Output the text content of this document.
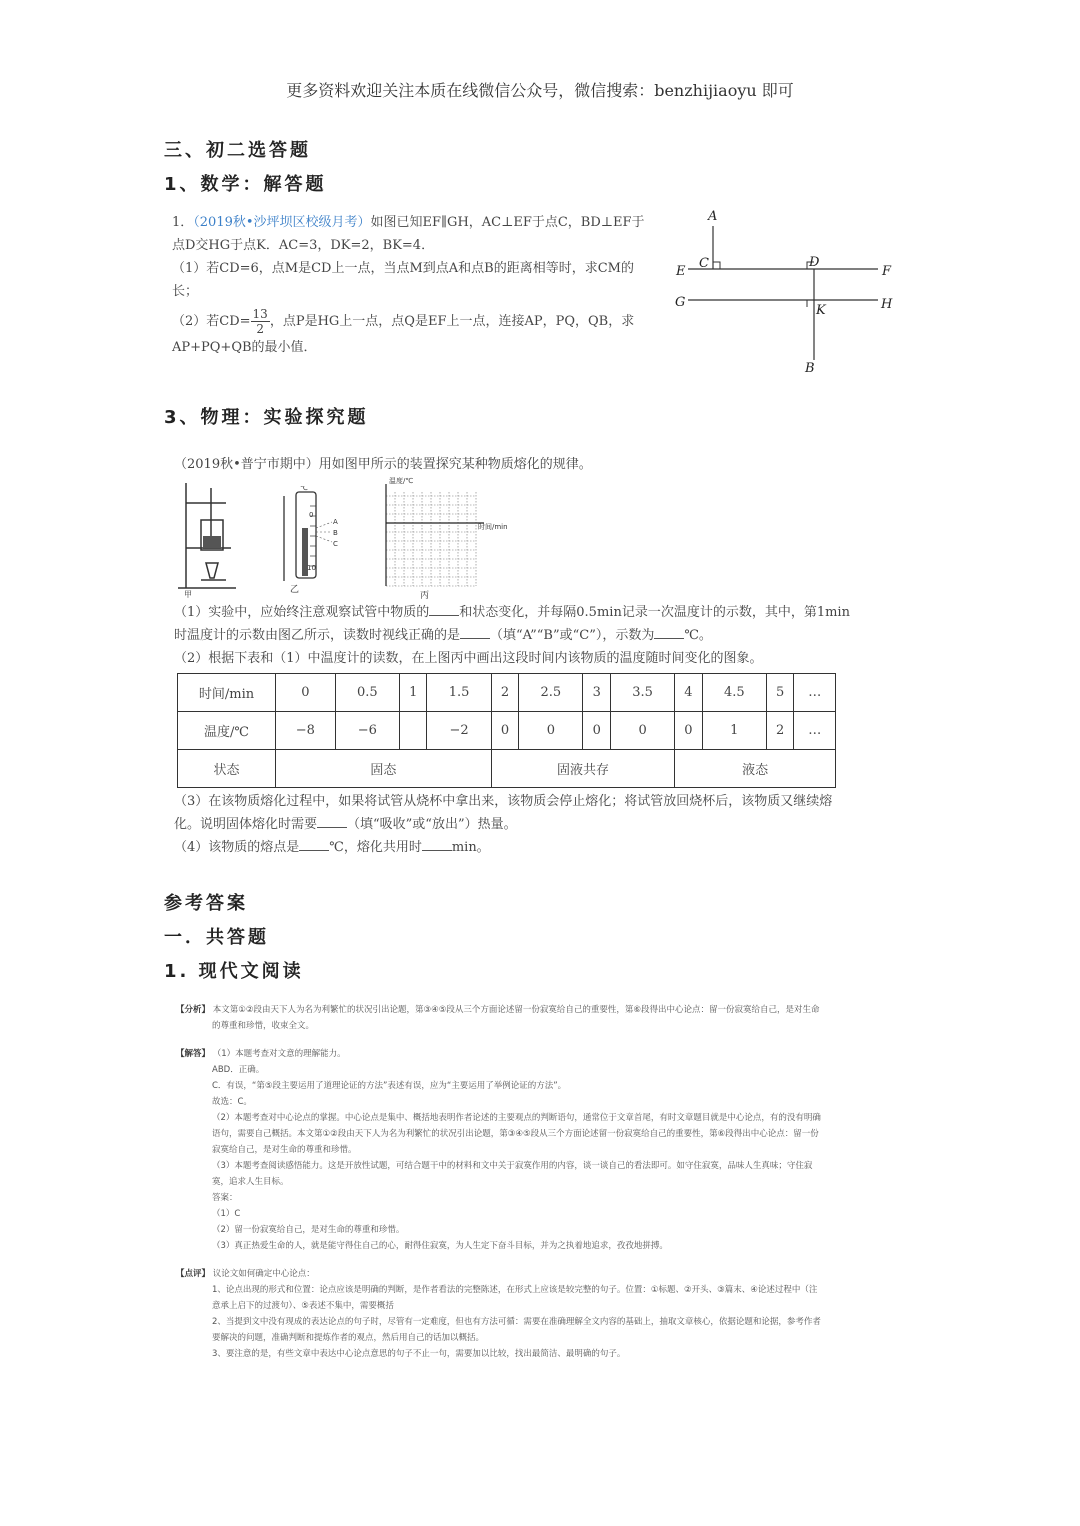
更多资料欢迎关注本质在线微信公众号，微信搜索：benzhijiaoyu 即可
三、初二选答题
1、数学：解答题
1．（2019秋•沙坪坝区校级月考）如图已知EF∥GH，AC⊥EF于点C，BD⊥EF于
点D交HG于点K．AC=3，DK=2，BK=4．
（1）若CD=6，点M是CD上一点，当点M到点A和点B的距离相等时，求CM的
长；
（2）若$CD= \frac{13}{2}$，点P是HG上一点，点Q是EF上一点，连接AP，PQ，QB，求
AP+PQ+QB的最小值．
A
C	D
E	F
G	H
K
B
3、物理：实验探究题
（2019秋•普宁市期中）用如图甲所示的装置探究某种物质熔化的规律。
甲
℃
0
10
A
B
C
乙
温度/℃
时间/min
丙
（1）实验中，应始终注意观察试管中物质的 和状态变化，并每隔0.5min记录一次温度计的示数，其中，第1min
时温度计的示数由图乙所示，读数时视线正确的是 （填“A”“B”或“C”），示数为 ℃。
（2）根据下表和（1）中温度计的读数，在上图丙中画出这段时间内该物质的温度随时间变化的图象。
时间/min	0	0.5	1	1.5	2	2.5	3	3.5	4	4.5	5	…
温度/℃	−8	−6		−2	0	0	0	0	0	1	2	…
状态	固态				固液共存				液态			
（3）在该物质熔化过程中，如果将试管从烧杯中拿出来，该物质会停止熔化；将试管放回烧杯后，该物质又继续熔
化。说明固体熔化时需要 （填“吸收”或“放出”）热量。
（4）该物质的熔点是 ℃，熔化共用时 min。
参考答案
一．共答题
1. 现代文阅读

【分析】 本文第①②段由天下人为名为利繁忙的状况引出论题，第③④⑤段从三个方面论述留一份寂寞给自己的重要性，第⑥段得出中心论点：留一份寂寞给自己，是对生命

的尊重和珍惜，收束全文。

【解答】 （1）本题考查对文意的理解能力。

ABD．正确。

C．有误，“第⑤段主要运用了道理论证的方法”表述有误，应为“主要运用了举例论证的方法”。

故选：C。

（2）本题考查对中心论点的掌握。中心论点是集中、概括地表明作者论述的主要观点的判断语句，通常位于文章首尾，有时文章题目就是中心论点，有的没有明确

语句，需要自己概括。本文第①②段由天下人为名为利繁忙的状况引出论题，第③④⑤段从三个方面论述留一份寂寞给自己的重要性，第⑥段得出中心论点：留一份

寂寞给自己，是对生命的尊重和珍惜。

（3）本题考查阅读感悟能力。这是开放性试题，可结合题干中的材料和文中关于寂寞作用的内容，谈一谈自己的看法即可。如守住寂寞，品味人生真味；守住寂

寞，追求人生目标。

答案：

（1）C

（2）留一份寂寞给自己，是对生命的尊重和珍惜。

（3）真正热爱生命的人，就是能守得住自己的心，耐得住寂寞，为人生定下奋斗目标，并为之执着地追求，孜孜地拼搏。

【点评】 议论文如何确定中心论点：

1、论点出现的形式和位置：论点应该是明确的判断，是作者看法的完整陈述，在形式上应该是较完整的句子。位置：①标题、②开头、③篇末、④论述过程中（注

意承上启下的过渡句）、⑤表述不集中，需要概括

2、当提到文中没有现成的表达论点的句子时，尽管有一定难度，但也有方法可循：需要在准确理解全文内容的基础上，抽取文章核心，依据论题和论据，参考作者

要解决的问题，准确判断和提炼作者的观点，然后用自己的话加以概括。

3、要注意的是，有些文章中表达中心论点意思的句子不止一句，需要加以比较，找出最简洁、最明确的句子。
